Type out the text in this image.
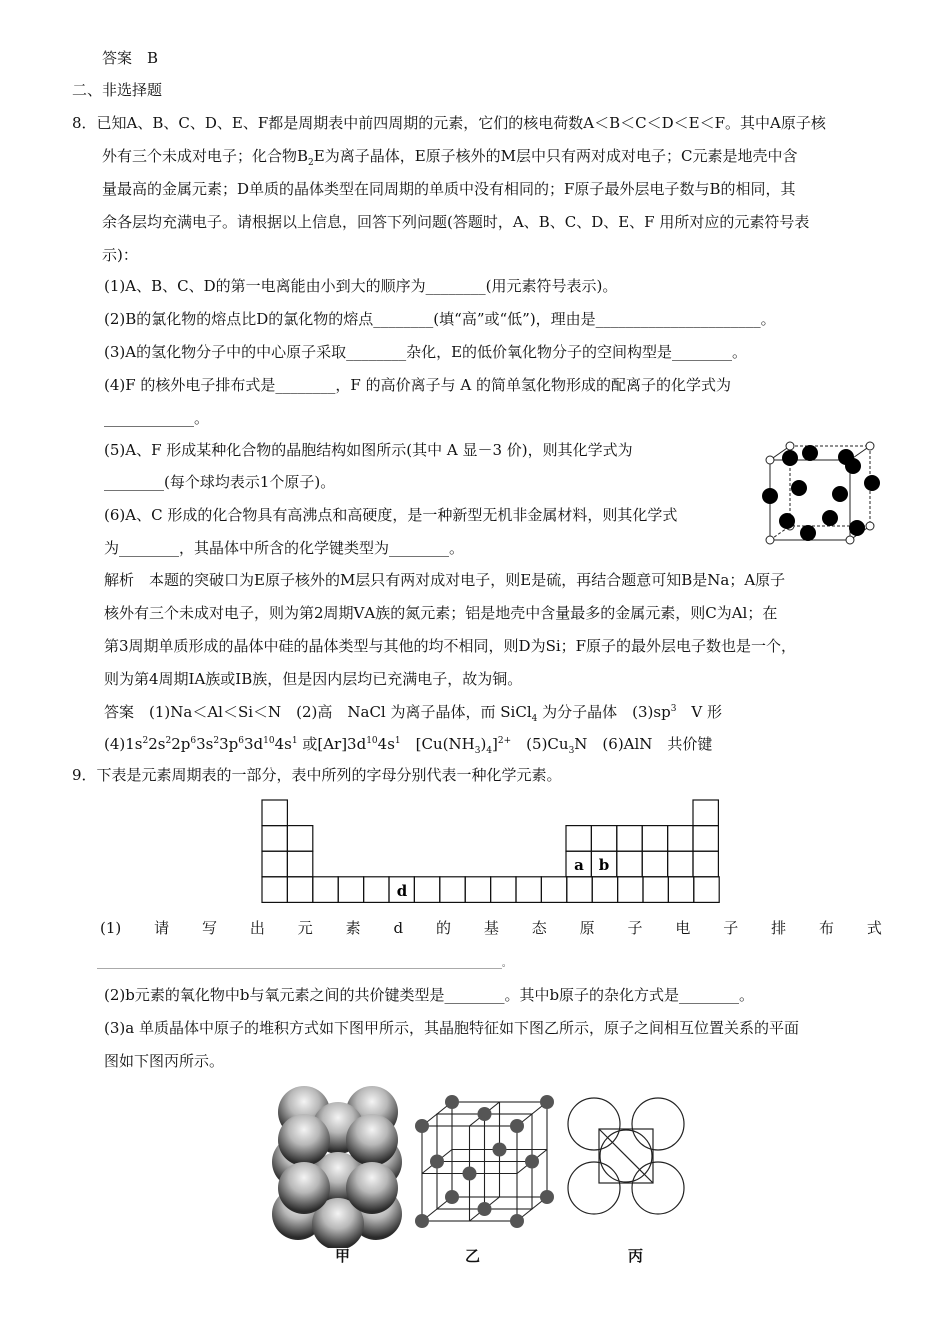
答案　B
二、非选择题
8．已知A、B、C、D、E、F都是周期表中前四周期的元素，它们的核电荷数A＜B＜C＜D＜E＜F。其中A原子核
外有三个未成对电子；化合物$B_2E$为离子晶体，E原子核外的M层中只有两对成对电子；C元素是地壳中含
量最高的金属元素；D单质的晶体类型在同周期的单质中没有相同的；F原子最外层电子数与B的相同，其
余各层均充满电子。请根据以上信息，回答下列问题(答题时，A、B、C、D、E、F 用所对应的元素符号表
示)：
(1)A、B、C、D的第一电离能由小到大的顺序为________(用元素符号表示)。
(2)B的氯化物的熔点比D的氯化物的熔点________(填“高”或“低”)，理由是______________________。
(3)A的氢化物分子中的中心原子采取________杂化，E的低价氧化物分子的空间构型是________。
(4)F 的核外电子排布式是________，F 的高价离子与 A 的简单氢化物形成的配离子的化学式为
____________。
(5)A、F 形成某种化合物的晶胞结构如图所示(其中 A 显－3 价)，则其化学式为
________(每个球均表示1个原子)。
(6)A、C 形成的化合物具有高沸点和高硬度，是一种新型无机非金属材料，则其化学式
为________，其晶体中所含的化学键类型为________。
解析　本题的突破口为E原子核外的M层只有两对成对电子，则E是硫，再结合题意可知B是Na；A原子
核外有三个未成对电子，则为第2周期ⅤA族的氮元素；铝是地壳中含量最多的金属元素，则C为Al；在
第3周期单质形成的晶体中硅的晶体类型与其他的均不相同，则D为Si；F原子的最外层电子数也是一个，
则为第4周期ⅠA族或ⅠB族，但是因内层均已充满电子，故为铜。
答案　(1)Na＜Al＜Si＜N　(2)高　NaCl 为离子晶体，而 SiCl$_4$ 为分子晶体　$(3)sp^3$　V 形
$(4)1s^22s^22p^63s^23p^63d^{10}4s^1$ 或$[Ar]3d^{10}4s^1$　$[Cu(NH_3)_4]^{2+}$　$(5)Cu_3N$　(6)AlN　共价键
9．下表是元素周期表的一部分，表中所列的字母分别代表一种化学元素。
a b
d
(1) 请 写 出 元 素 d 的 基 态 原 子 电 子 排 布 式
__________________________________________________________________________________________。
(2)b元素的氧化物中b与氧元素之间的共价键类型是________。其中b原子的杂化方式是________。
(3)a 单质晶体中原子的堆积方式如下图甲所示，其晶胞特征如下图乙所示，原子之间相互位置关系的平面
图如下图丙所示。
甲	乙	丙
